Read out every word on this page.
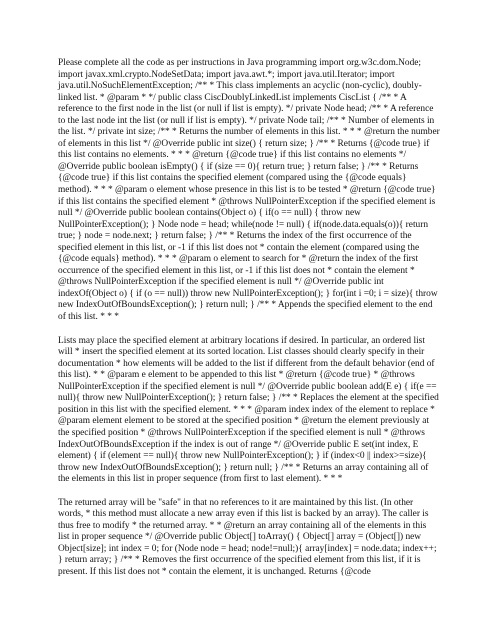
Please complete all the code as per instructions in Java programming import org.w3c.dom.Node; import javax.xml.crypto.NodeSetData; import java.awt.*; import java.util.Iterator; import java.util.NoSuchElementException; /** * This class implements an acyclic (non-cyclic), doubly-linked list. * @param * */ public class CiscDoublyLinkedList implements CiscList { /** * A reference to the first node in the list (or null if list is empty). */ private Node head; /** * A reference to the last node int the list (or null if list is empty). */ private Node tail; /** * Number of elements in the list. */ private int size; /** * Returns the number of elements in this list. * * * @return the number of elements in this list */ @Override public int size() { return size; } /** * Returns {@code true} if this list contains no elements. * * * @return {@code true} if this list contains no elements */ @Override public boolean isEmpty() { if (size == 0){ return true; } return false; } /** * Returns {@code true} if this list contains the specified element (compared using the {@code equals} method). * * * @param o element whose presence in this list is to be tested * @return {@code true} if this list contains the specified element * @throws NullPointerException if the specified element is null */ @Override public boolean contains(Object o) { if(o == null) { throw new NullPointerException(); } Node node = head; while(node != null) { if(node.data.equals(o)){ return true; } node = node.next; } return false; } /** * Returns the index of the first occurrence of the specified element in this list, or -1 if this list does not * contain the element (compared using the {@code equals} method). * * * @param o element to search for * @return the index of the first occurrence of the specified element in this list, or -1 if this list does not * contain the element * @throws NullPointerException if the specified element is null */ @Override public int indexOf(Object o) { if (o == null)) throw new NullPointerException(); } for(int i =0; i = size){ throw new IndexOutOfBoundsException(); } return null; } /** * Appends the specified element to the end of this list. * * *

Lists may place the specified element at arbitrary locations if desired. In particular, an ordered list will * insert the specified element at its sorted location. List classes should clearly specify in their documentation * how elements will be added to the list if different from the default behavior (end of this list). * * @param e element to be appended to this list * @return {@code true} * @throws NullPointerException if the specified element is null */ @Override public boolean add(E e) { if(e == null){ throw new NullPointerException(); } return false; } /** * Replaces the element at the specified position in this list with the specified element. * * * @param index index of the element to replace * @param element element to be stored at the specified position * @return the element previously at the specified position * @throws NullPointerException if the specified element is null * @throws IndexOutOfBoundsException if the index is out of range */ @Override public E set(int index, E element) { if (element == null){ throw new NullPointerException(); } if (index<0 || index>=size){ throw new IndexOutOfBoundsException(); } return null; } /** * Returns an array containing all of the elements in this list in proper sequence (from first to last element). * * *

The returned array will be "safe" in that no references to it are maintained by this list. (In other words, * this method must allocate a new array even if this list is backed by an array). The caller is thus free to modify * the returned array. * * @return an array containing all of the elements in this list in proper sequence */ @Override public Object[] toArray() { Object[] array = (Object[]) new Object[size]; int index = 0; for (Node node = head; node!=null;){ array[index] = node.data; index++; } return array; } /** * Removes the first occurrence of the specified element from this list, if it is present. If this list does not * contain the element, it is unchanged. Returns {@code
